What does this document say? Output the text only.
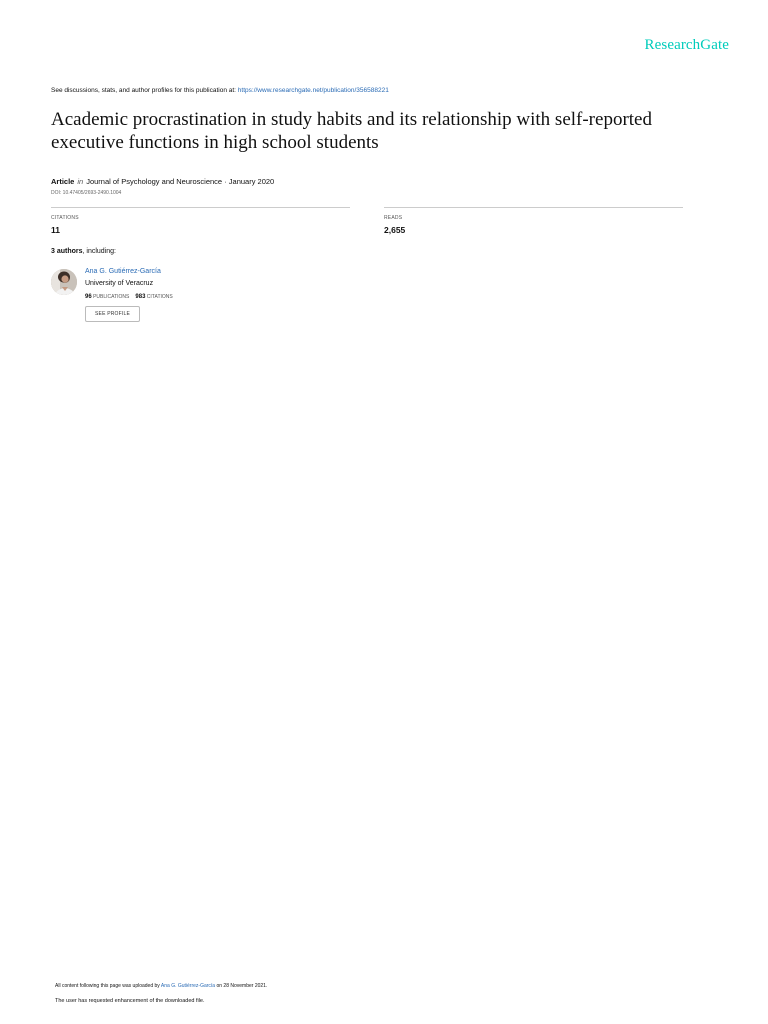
ResearchGate
See discussions, stats, and author profiles for this publication at: https://www.researchgate.net/publication/356588221
Academic procrastination in study habits and its relationship with self-reported executive functions in high school students
Article in Journal of Psychology and Neuroscience · January 2020
DOI: 10.47405/2693-2490.1004
CITATIONS
11
READS
2,655
3 authors, including:
Ana G. Gutiérrez-García
University of Veracruz
96 PUBLICATIONS 983 CITATIONS
SEE PROFILE
All content following this page was uploaded by Ana G. Gutiérrez-García on 28 November 2021.
The user has requested enhancement of the downloaded file.
